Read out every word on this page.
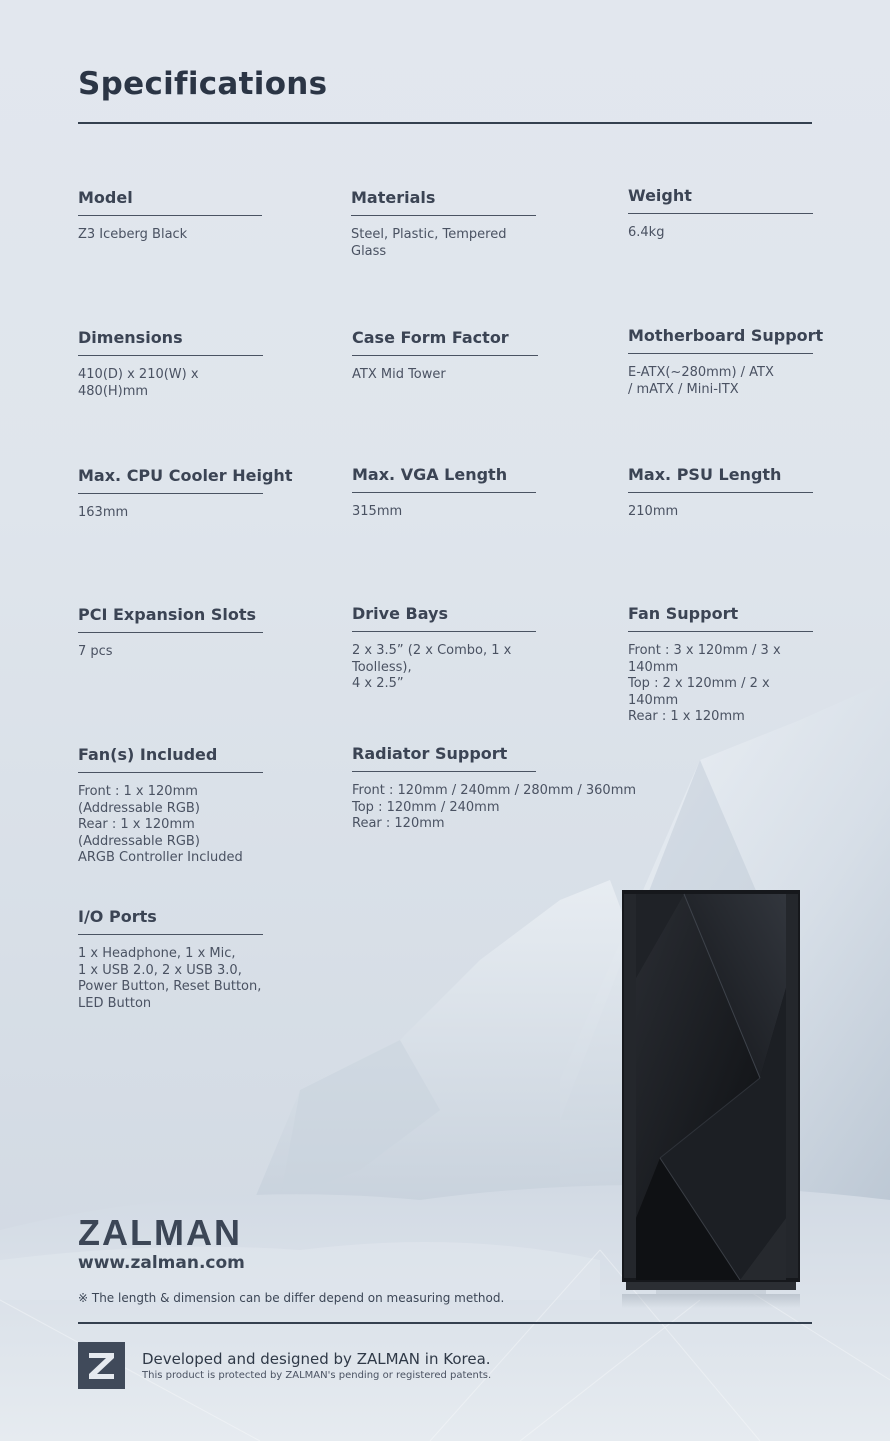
Specifications
Model
Z3 Iceberg Black
Materials
Steel, Plastic, Tempered Glass
Weight
6.4kg
Dimensions
410(D) x 210(W) x 480(H)mm
Case Form Factor
ATX Mid Tower
Motherboard Support
E-ATX(~280mm) / ATX
/ mATX / Mini-ITX
Max. CPU Cooler Height
163mm
Max. VGA Length
315mm
Max. PSU Length
210mm
PCI Expansion Slots
7 pcs
Drive Bays
2 x 3.5” (2 x Combo, 1 x Toolless),
4 x 2.5”
Fan Support
Front : 3 x 120mm / 3 x 140mm
Top : 2 x 120mm / 2 x 140mm
Rear : 1 x 120mm
Fan(s) Included
Front : 1 x 120mm
(Addressable RGB)
Rear : 1 x 120mm
(Addressable RGB)
ARGB Controller Included
Radiator Support
Front : 120mm / 240mm / 280mm / 360mm
Top : 120mm / 240mm
Rear : 120mm
I/O Ports
1 x Headphone, 1 x Mic,
1 x USB 2.0, 2 x USB 3.0,
Power Button, Reset Button,
LED Button
ZALMAN
www.zalman.com
※ The length & dimension can be differ depend on measuring method.
Developed and designed by ZALMAN in Korea.
This product is protected by ZALMAN's pending or registered patents.
